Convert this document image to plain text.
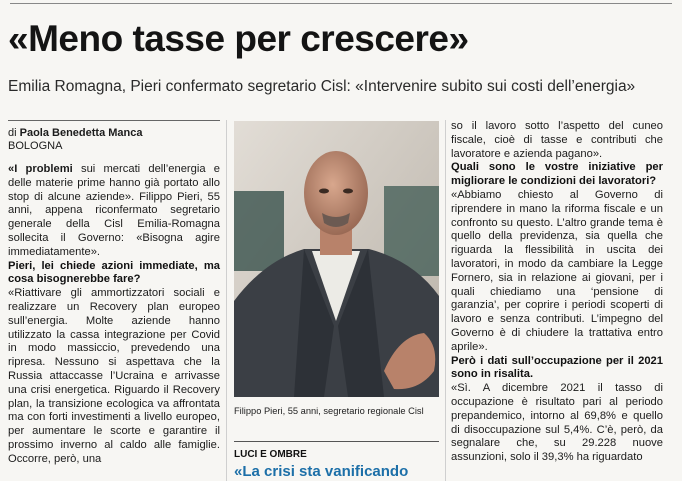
«Meno tasse per crescere»

Emilia Romagna, Pieri confermato segretario Cisl: «Intervenire subito sui costi dell’energia»

di Paola Benedetta Manca
BOLOGNA

«I problemi sui mercati dell’energia e delle materie prime hanno già portato allo stop di alcune aziende». Filippo Pieri, 55 anni, appena riconfermato segretario generale della Cisl Emilia-Romagna sollecita il Governo: «Bisogna agire immediatamente».

Pieri, lei chiede azioni immediate, ma cosa bisognerebbe fare?

«Riattivare gli ammortizzatori sociali e realizzare un Recovery plan europeo sull’energia. Molte aziende hanno utilizzato la cassa integrazione per Covid in modo massiccio, prevedendo una ripresa. Nessuno si aspettava che la Russia attaccasse l’Ucraina e arrivasse una crisi energetica. Riguardo il Recovery plan, la transizione ecologica va affrontata ma con forti investimenti a livello europeo, per aumentare le scorte e garantire il prossimo inverno al caldo alle famiglie. Occorre, però, una

Filippo Pieri, 55 anni, segretario regionale Cisl
LUCI E OMBRE
«La crisi sta vanificando

so il lavoro sotto l’aspetto del cuneo fiscale, cioè di tasse e contributi che lavoratore e azienda pagano».

Quali sono le vostre iniziative per migliorare le condizioni dei lavoratori?

«Abbiamo chiesto al Governo di riprendere in mano la riforma fiscale e un confronto su questo. L’altro grande tema è quello della previdenza, sia quella che riguarda la flessibilità in uscita dei lavoratori, in modo da cambiare la Legge Fornero, sia in relazione ai giovani, per i quali chiediamo una ‘pensione di garanzia’, per coprire i periodi scoperti di lavoro e senza contributi. L’impegno del Governo è di chiudere la trattativa entro aprile».

Però i dati sull’occupazione per il 2021 sono in risalita.

«Sì. A dicembre 2021 il tasso di occupazione è risultato pari al periodo prepandemico, intorno al 69,8% e quello di disoccupazione sul 5,4%. C’è, però, da segnalare che, su 29.228 nuove assunzioni, solo il 39,3% ha riguardato
